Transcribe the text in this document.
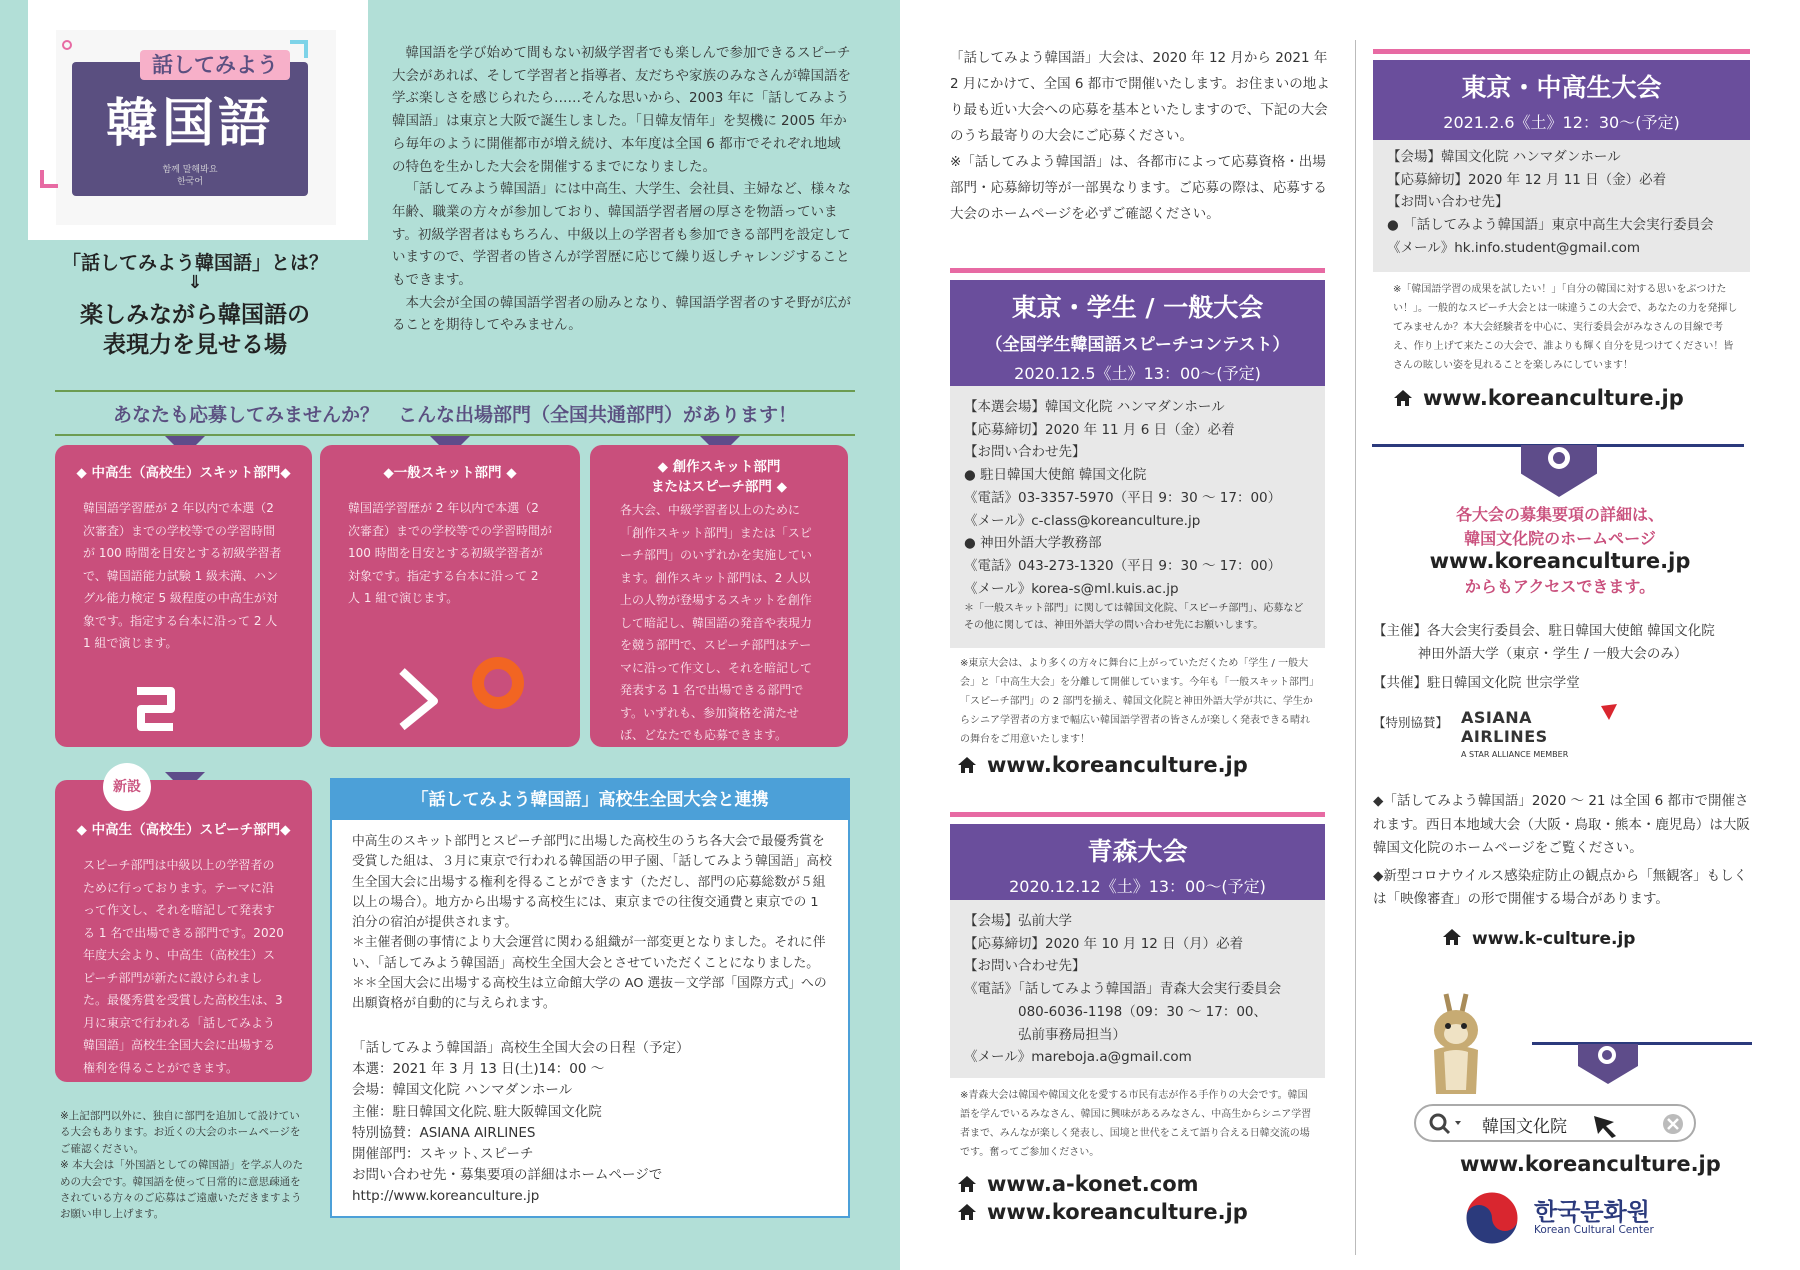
話してみよう
韓国語
함께 말해봐요
한국어
「話してみよう韓国語」とは？
⇓
楽しみながら韓国語の
表現力を見せる場

韓国語を学び始めて間もない初級学習者でも楽しんで参加できるスピーチ大会があれば、そして学習者と指導者、友だちや家族のみなさんが韓国語を学ぶ楽しさを感じられたら……そんな思いから、2003 年に「話してみよう韓国語」は東京と大阪で誕生しました。「日韓友情年」を契機に 2005 年から毎年のように開催都市が増え続け、本年度は全国 6 都市でそれぞれ地域の特色を生かした大会を開催するまでになりました。

「話してみよう韓国語」には中高生、大学生、会社員、主婦など、様々な年齢、職業の方々が参加しており、韓国語学習者層の厚さを物語っています。初級学習者はもちろん、中級以上の学習者も参加できる部門を設定していますので、学習者の皆さんが学習歴に応じて繰り返しチャレンジすることもできます。

本大会が全国の韓国語学習者の励みとなり、韓国語学習者のすそ野が広がることを期待してやみません。

あなたも応募してみませんか？　こんな出場部門（全国共通部門）があります！
◆ 中高生（高校生）スキット部門◆

韓国語学習歴が 2 年以内で本選（2 次審査）までの学校等での学習時間が 100 時間を目安とする初級学習者で、韓国語能力試験 1 級未満、ハングル能力検定 5 級程度の中高生が対象です。指定する台本に沿って 2 人 1 組で演じます。

◆一般スキット部門 ◆

韓国語学習歴が 2 年以内で本選（2 次審査）までの学校等での学習時間が 100 時間を目安とする初級学習者が対象です。指定する台本に沿って 2 人 1 組で演じます。

◆ 創作スキット部門
またはスピーチ部門 ◆

各大会、中級学習者以上のために「創作スキット部門」または「スピーチ部門」のいずれかを実施しています。創作スキット部門は、2 人以上の人物が登場するスキットを創作して暗記し、韓国語の発音や表現力を競う部門で、スピーチ部門はテーマに沿って作文し、それを暗記して発表する 1 名で出場できる部門です。いずれも、参加資格を満たせば、どなたでも応募できます。

◆ 中高生（高校生）スピーチ部門◆

スピーチ部門は中級以上の学習者のために行っております。テーマに沿って作文し、それを暗記して発表する 1 名で出場できる部門です。2020 年度大会より、中高生（高校生）スピーチ部門が新たに設けられました。最優秀賞を受賞した高校生は、3 月に東京で行われる「話してみよう韓国語」高校生全国大会に出場する権利を得ることができます。

新設
「話してみよう韓国語」高校生全国大会と連携
中高生のスキット部門とスピーチ部門に出場した高校生のうち各大会で最優秀賞を受賞した組は、３月に東京で行われる韓国語の甲子園、「話してみよう韓国語」高校生全国大会に出場する権利を得ることができます（ただし、部門の応募総数が５組以上の場合）。地方から出場する高校生には、東京までの往復交通費と東京での 1 泊分の宿泊が提供されます。
＊主催者側の事情により大会運営に関わる組織が一部変更となりました。それに伴い、「話してみよう韓国語」高校生全国大会とさせていただくことになりました。
＊＊全国大会に出場する高校生は立命館大学の AO 選抜－文学部「国際方式」への出願資格が自動的に与えられます。
「話してみよう韓国語」高校生全国大会の日程（予定）
本選：2021 年 3 月 13 日(土)14：00 ～
会場：韓国文化院 ハンマダンホール
主催：駐日韓国文化院､駐大阪韓国文化院
特別協賛：ASIANA AIRLINES
開催部門：スキット､スピーチ
お問い合わせ先・募集要項の詳細はホームページで
http://www.koreanculture.jp
※上記部門以外に、独自に部門を追加して設けている大会もあります。お近くの大会のホームページをご確認ください。
※ 本大会は「外国語としての韓国語」を学ぶ人のための大会です。韓国語を使って日常的に意思疎通をされている方々のご応募はご遠慮いただきますようお願い申し上げます。
「話してみよう韓国語」大会は、2020 年 12 月から 2021 年 2 月にかけて、全国 6 都市で開催いたします。お住まいの地より最も近い大会への応募を基本といたしますので、下記の大会のうち最寄りの大会にご応募ください。
※「話してみよう韓国語」は、各都市によって応募資格・出場部門・応募締切等が一部異なります。ご応募の際は、応募する大会のホームページを必ずご確認ください。
東京・学生 / 一般大会
（全国学生韓国語スピーチコンテスト）
2020.12.5《土》13：00～(予定)
【本選会場】韓国文化院 ハンマダンホール
【応募締切】2020 年 11 月 6 日（金）必着
【お問い合わせ先】
● 駐日韓国大使館 韓国文化院
《電話》03-3357-5970（平日 9：30 ～ 17：00）
《メール》c-class@koreanculture.jp
● 神田外語大学教務部
《電話》043-273-1320（平日 9：30 ～ 17：00）
《メール》korea-s@ml.kuis.ac.jp
＊「一般スキット部門」に関しては韓国文化院、「スピーチ部門」、応募などその他に関しては、神田外語大学の問い合わせ先にお願いします。
※東京大会は、より多くの方々に舞台に上がっていただくため「学生 / 一般大会」と「中高生大会」を分離して開催しています。今年も「一般スキット部門」「スピーチ部門」の 2 部門を揃え、韓国文化院と神田外語大学が共に、学生からシニア学習者の方まで幅広い韓国語学習者の皆さんが楽しく発表できる晴れの舞台をご用意いたします！
www.koreanculture.jp
青森大会
2020.12.12《土》13：00～(予定)
【会場】弘前大学
【応募締切】2020 年 10 月 12 日（月）必着
【お問い合わせ先】
《電話》「話してみよう韓国語」青森大会実行委員会
　　　　080-6036-1198（09：30 ～ 17：00、
　　　　弘前事務局担当）
《メール》mareboja.a@gmail.com
※青森大会は韓国や韓国文化を愛する市民有志が作る手作りの大会です。韓国語を学んでいるみなさん、韓国に興味があるみなさん、中高生からシニア学習者まで、みんなが楽しく発表し、国境と世代をこえて語り合える日韓交流の場です。奮ってご参加ください。
www.a-konet.com
www.koreanculture.jp
東京・中高生大会
2021.2.6《土》12：30～(予定)
【会場】韓国文化院 ハンマダンホール
【応募締切】2020 年 12 月 11 日（金）必着
【お問い合わせ先】
● 「話してみよう韓国語」東京中高生大会実行委員会
《メール》hk.info.student@gmail.com
※「韓国語学習の成果を試したい！」「自分の韓国に対する思いをぶつけたい！」。一般的なスピーチ大会とは一味違うこの大会で、あなたの力を発揮してみませんか？本大会経験者を中心に、実行委員会がみなさんの目線で考え、作り上げて来たこの大会で、誰よりも輝く自分を見つけてください！皆さんの眩しい姿を見れることを楽しみにしています！
www.koreanculture.jp
各大会の募集要項の詳細は、
韓国文化院のホームページ
www.koreanculture.jp
からもアクセスできます。
【主催】各大会実行委員会、駐日韓国大使館 韓国文化院
　　　 神田外語大学（東京・学生 / 一般大会のみ）
【共催】駐日韓国文化院 世宗学堂
【特別協賛】 ASIANA AIRLINES
A STAR ALLIANCE MEMBER
◆「話してみよう韓国語」2020 ～ 21 は全国 6 都市で開催されます。西日本地域大会（大阪・鳥取・熊本・鹿児島）は大阪韓国文化院のホームページをご覧ください。
◆新型コロナウイルス感染症防止の観点から「無観客」もしくは「映像審査」の形で開催する場合があります。
www.k-culture.jp
韓国文化院
www.koreanculture.jp
한국문화원
Korean Cultural Center
